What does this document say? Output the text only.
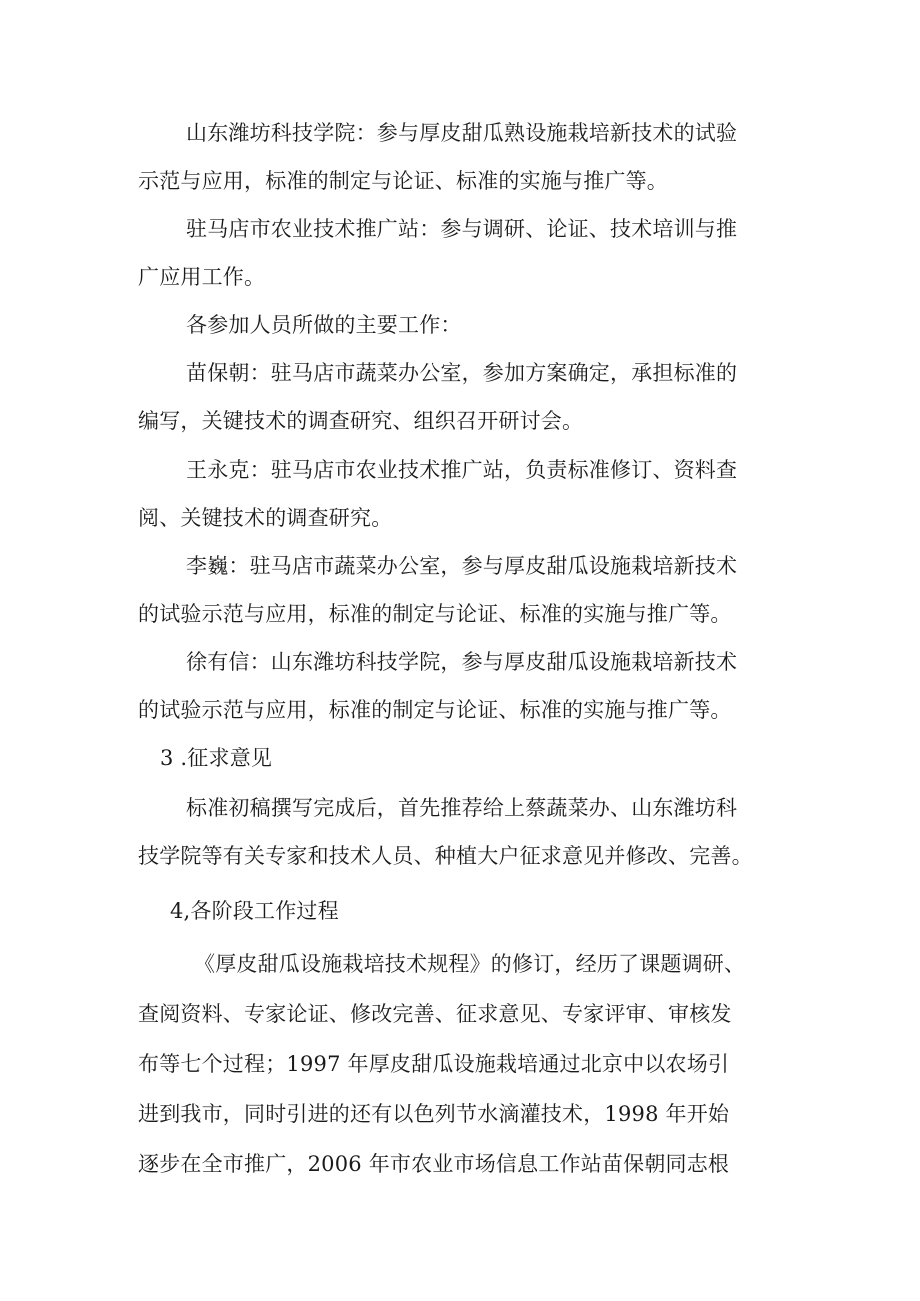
山东潍坊科技学院：参与厚皮甜瓜熟设施栽培新技术的试验
示范与应用，标准的制定与论证、标准的实施与推广等。
驻马店市农业技术推广站：参与调研、论证、技术培训与推
广应用工作。
各参加人员所做的主要工作：
苗保朝：驻马店市蔬菜办公室，参加方案确定，承担标准的
编写，关键技术的调查研究、组织召开研讨会。
王永克：驻马店市农业技术推广站，负责标准修订、资料查
阅、关键技术的调查研究。
李巍：驻马店市蔬菜办公室，参与厚皮甜瓜设施栽培新技术
的试验示范与应用，标准的制定与论证、标准的实施与推广等。
徐有信：山东潍坊科技学院，参与厚皮甜瓜设施栽培新技术
的试验示范与应用，标准的制定与论证、标准的实施与推广等。
3 .征求意见
标准初稿撰写完成后，首先推荐给上蔡蔬菜办、山东潍坊科
技学院等有关专家和技术人员、种植大户征求意见并修改、完善。
4,各阶段工作过程
《厚皮甜瓜设施栽培技术规程》的修订，经历了课题调研、
查阅资料、专家论证、修改完善、征求意见、专家评审、审核发
布等七个过程；1997 年厚皮甜瓜设施栽培通过北京中以农场引
进到我市，同时引进的还有以色列节水滴灌技术，1998 年开始
逐步在全市推广，2006 年市农业市场信息工作站苗保朝同志根
